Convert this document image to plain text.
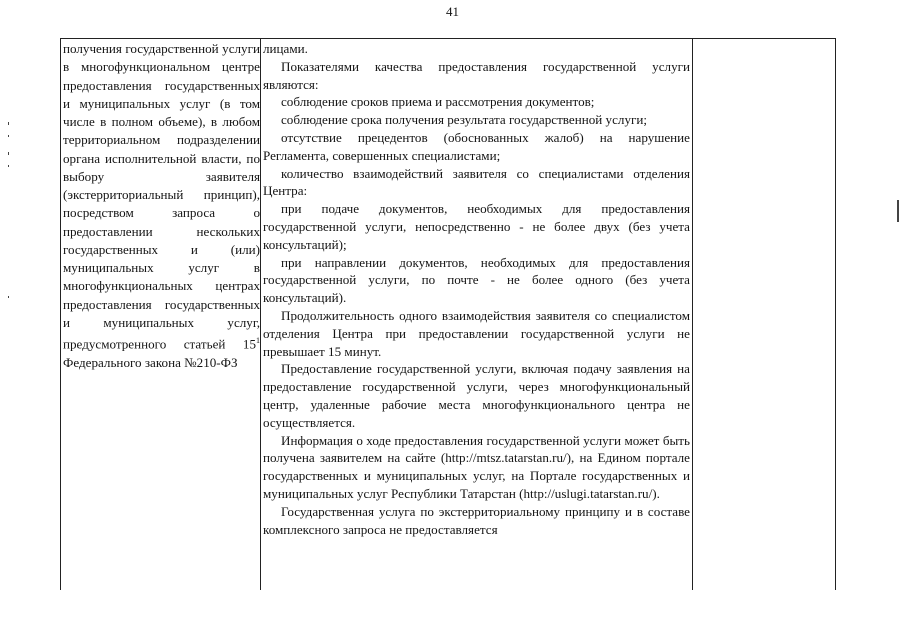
41

получения государственной услуги в многофункциональном центре предоставления государственных и муниципальных услуг (в том числе в полном объеме), в любом территориальном подразделении органа исполнительной власти, по выбору заявителя (экстерриториальный принцип), посредством запроса о предоставлении нескольких государственных и (или) муниципальных услуг в многофункциональных центрах предоставления государственных и муниципальных услуг, предусмотренного статьей $15^1$ Федерального закона №210-ФЗ

лицами.

Показателями качества предоставления государственной услуги являются:

соблюдение сроков приема и рассмотрения документов;

соблюдение срока получения результата государственной услуги;

отсутствие прецедентов (обоснованных жалоб) на нарушение Регламента, совершенных специалистами;

количество взаимодействий заявителя со специалистами отделения Центра:

при подаче документов, необходимых для предоставления государственной услуги, непосредственно - не более двух (без учета консультаций);

при направлении документов, необходимых для предоставления государственной услуги, по почте - не более одного (без учета консультаций).

Продолжительность одного взаимодействия заявителя со специалистом отделения Центра при предоставлении государственной услуги не превышает 15 минут.

Предоставление государственной услуги, включая подачу заявления на предоставление государственной услуги, через многофункциональный центр, удаленные рабочие места многофункционального центра не осуществляется.

Информация о ходе предоставления государственной услуги может быть получена заявителем на сайте (http://mtsz.tatarstan.ru/), на Едином портале государственных и муниципальных услуг, на Портале государственных и муниципальных услуг Республики Татарстан (http://uslugi.tatarstan.ru/).

Государственная услуга по экстерриториальному принципу и в составе комплексного запроса не предоставляется
